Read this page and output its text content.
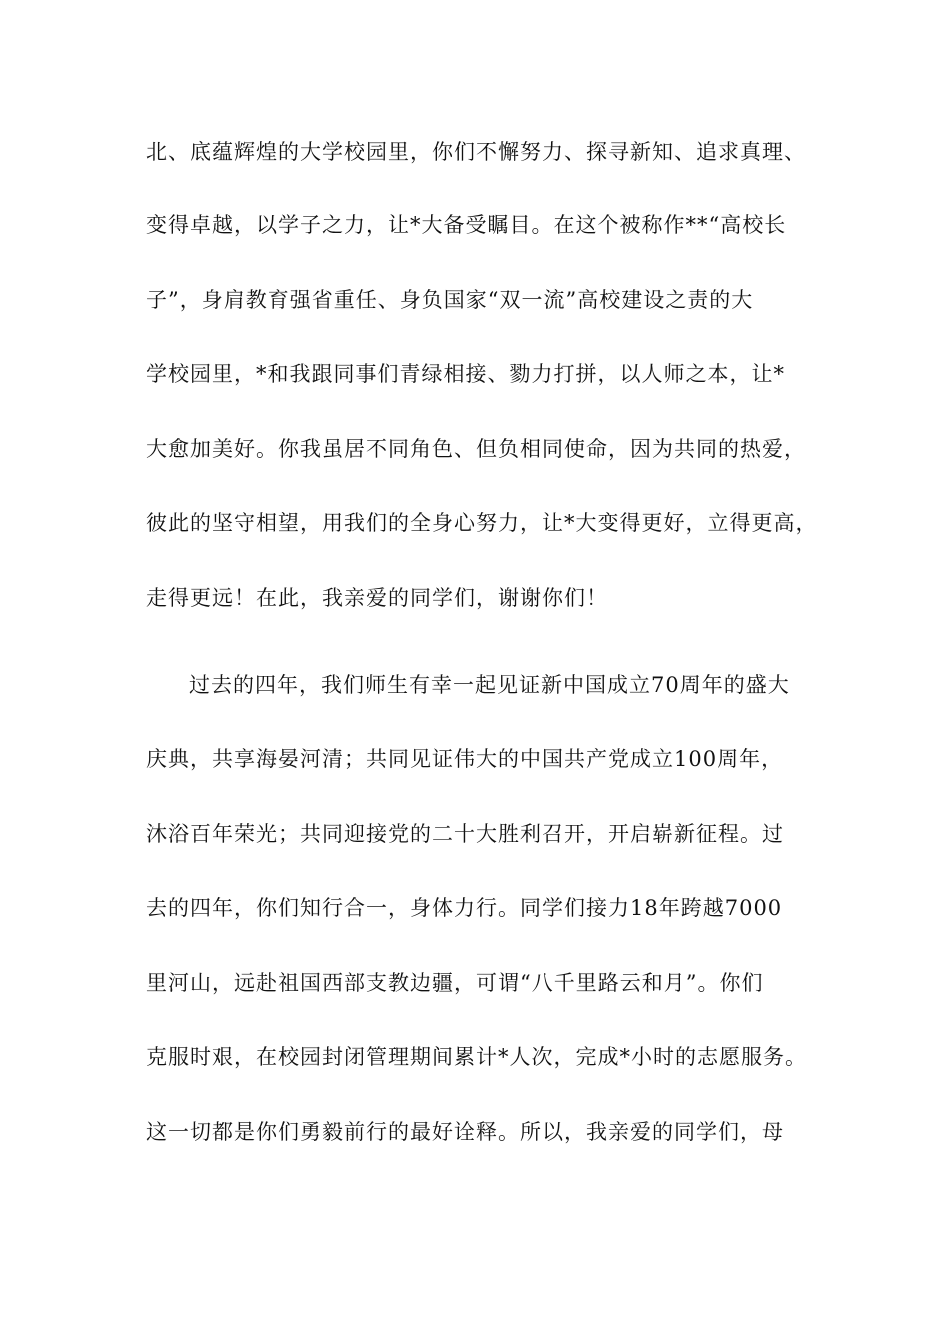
北、底蕴辉煌的大学校园里，你们不懈努力、探寻新知、追求真理、
变得卓越，以学子之力，让*大备受瞩目。在这个被称作**“高校长
子”，身肩教育强省重任、身负国家“双一流”高校建设之责的大
学校园里，*和我跟同事们青绿相接、勠力打拼，以人师之本，让*
大愈加美好。你我虽居不同角色、但负相同使命，因为共同的热爱，
彼此的坚守相望，用我们的全身心努力，让*大变得更好，立得更高，
走得更远！在此，我亲爱的同学们，谢谢你们！
过去的四年，我们师生有幸一起见证新中国成立70周年的盛大
庆典，共享海晏河清；共同见证伟大的中国共产党成立100周年，
沐浴百年荣光；共同迎接党的二十大胜利召开，开启崭新征程。过
去的四年，你们知行合一，身体力行。同学们接力18年跨越7000
里河山，远赴祖国西部支教边疆，可谓“八千里路云和月”。你们
克服时艰，在校园封闭管理期间累计*人次，完成*小时的志愿服务。
这一切都是你们勇毅前行的最好诠释。所以，我亲爱的同学们，母
